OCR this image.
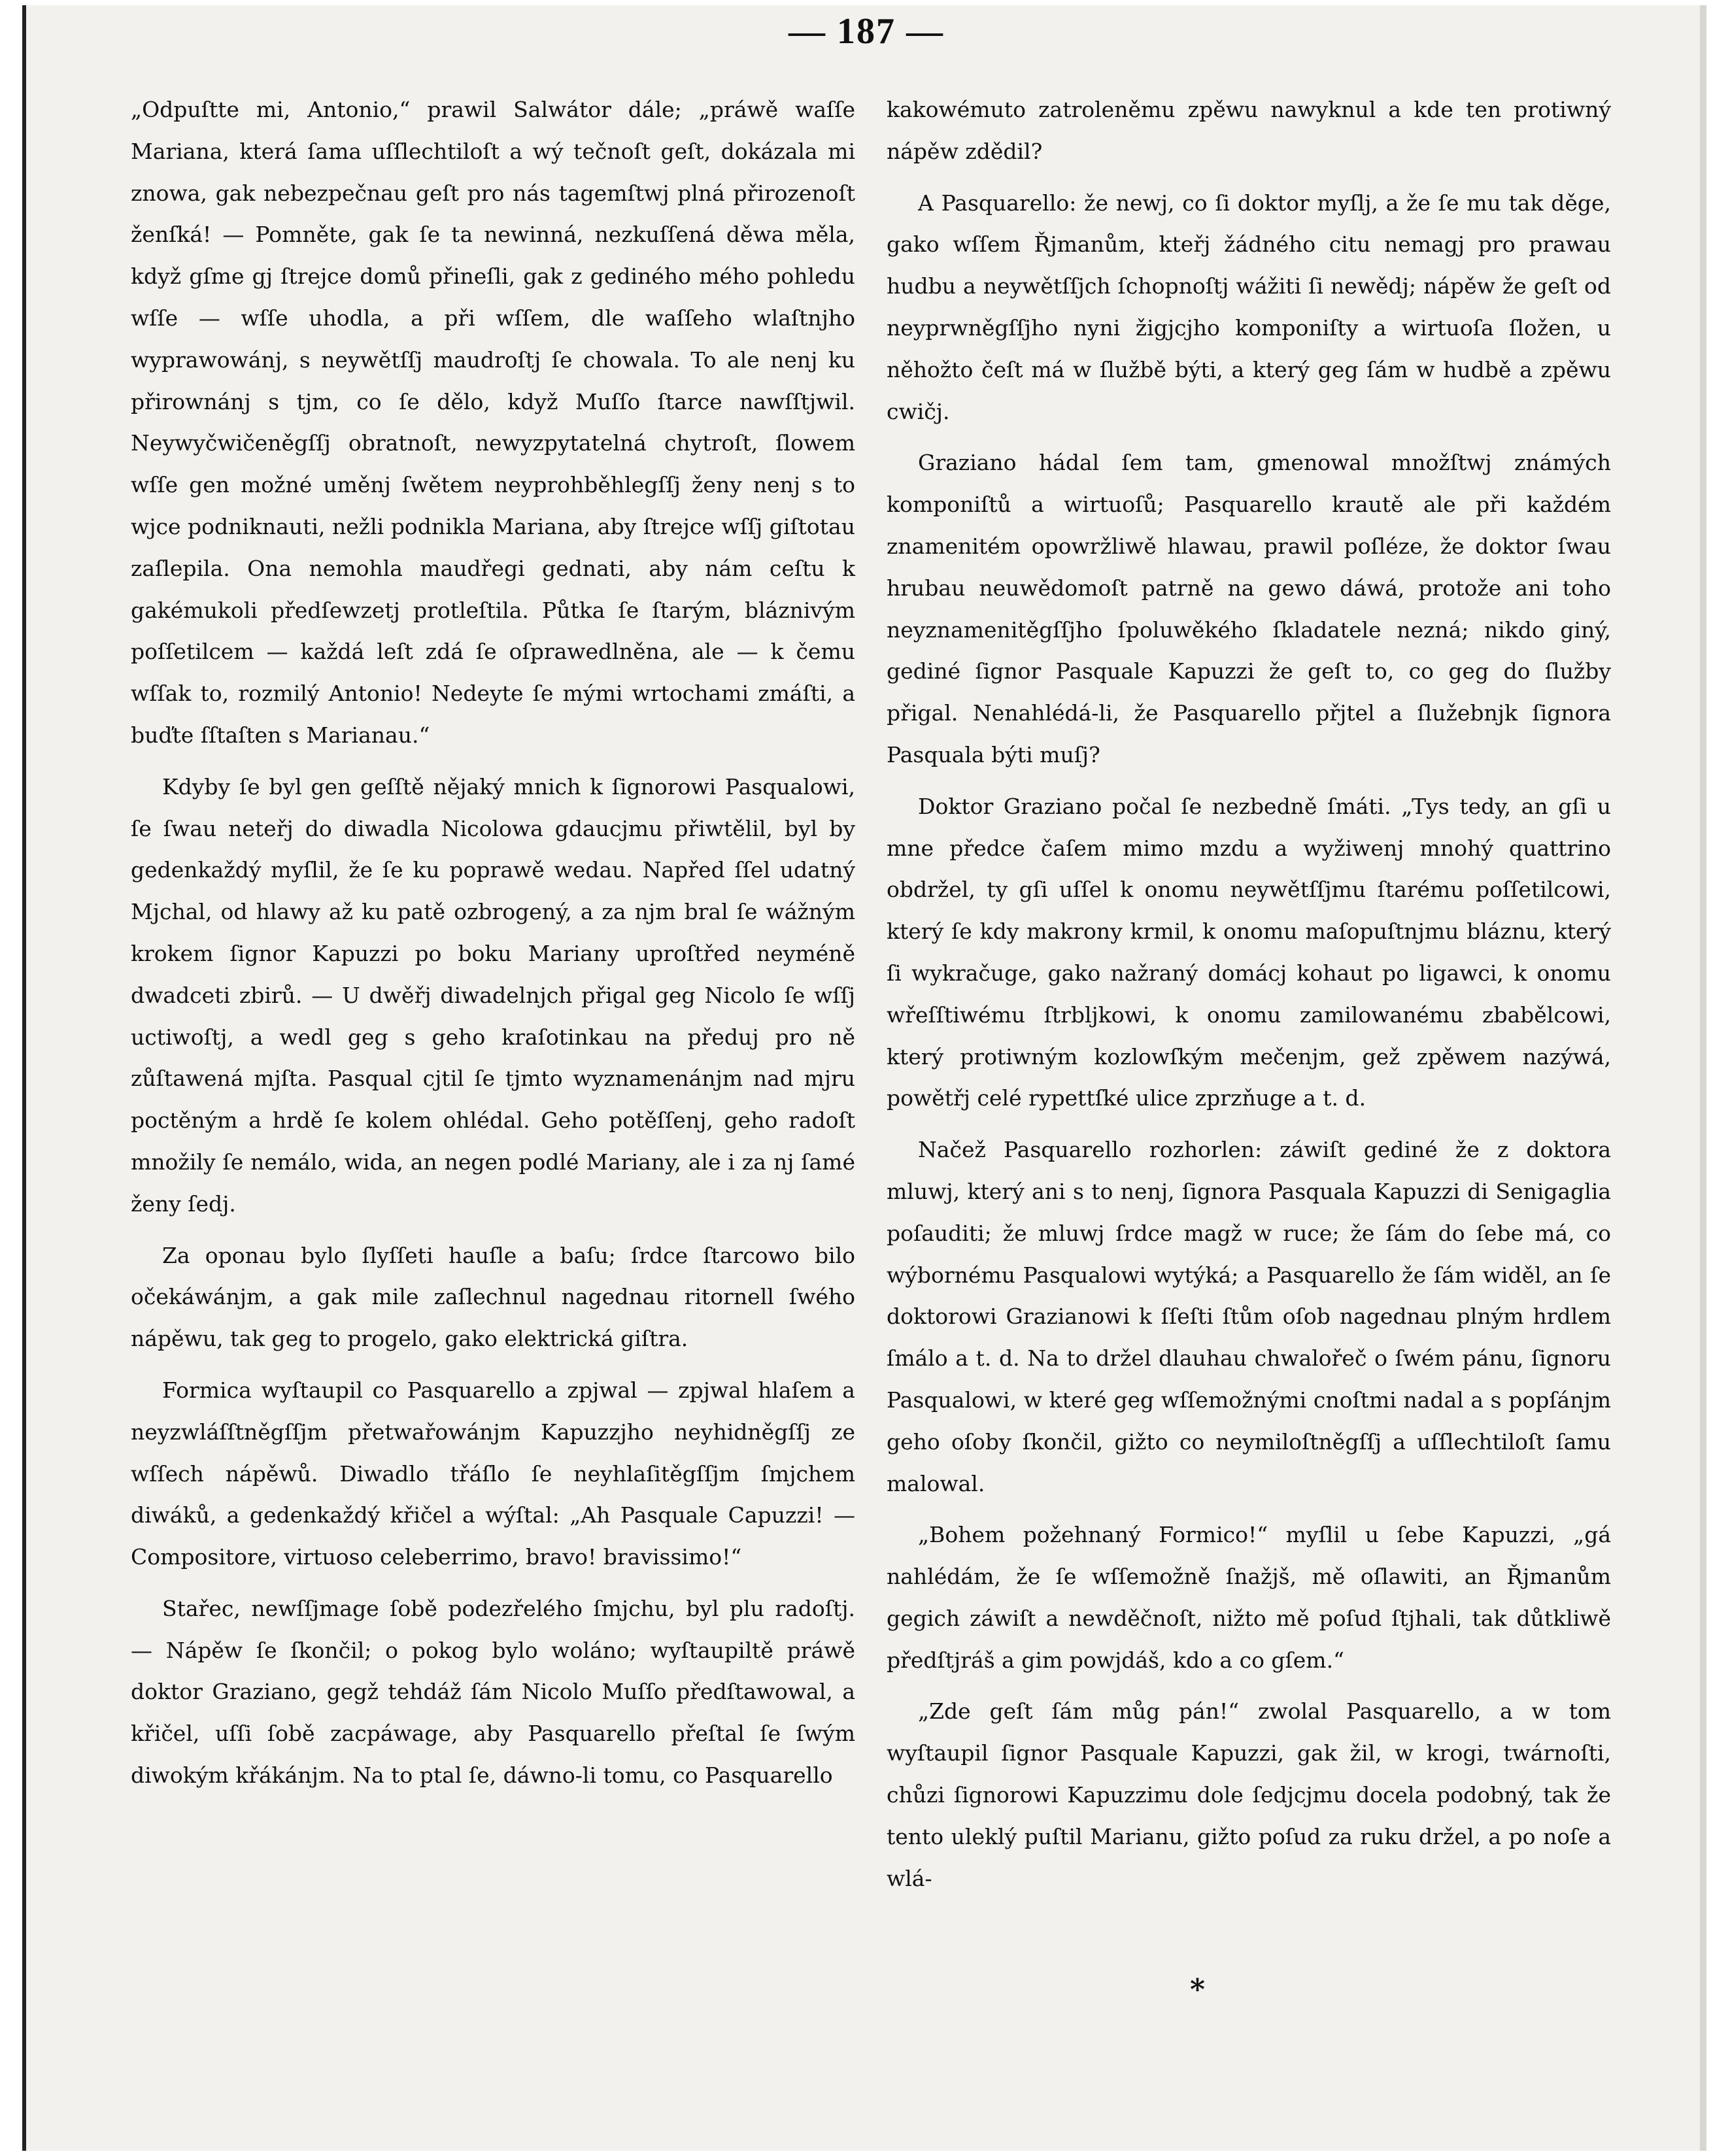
— 187 —

„Odpuſtte mi, Antonio,“ prawil Salwátor dále; „práwě waſſe Mariana, která ſama uſſlechtiloſt a wý tečnoſt geſt, dokázala mi znowa, gak nebezpečnau geſt pro nás tagemſtwj plná přirozenoſt ženſká! — Pomněte, gak ſe ta newinná, nezkuſſená děwa měla, když gſme gj ſtrejce domů přineſli, gak z gediného mého pohledu wſſe — wſſe uhodla, a při wſſem, dle waſſeho wlaſtnjho wyprawowánj, s neywětſſj maudroſtj ſe chowala. To ale nenj ku přirownánj s tjm, co ſe dělo, když Muſſo ſtarce nawſſtjwil. Neywyčwičeněgſſj obratnoſt, newyzpytatelná chytroſt, ſlowem wſſe gen možné uměnj ſwětem neyprohběhlegſſj ženy nenj s to wjce podniknauti, nežli podnikla Mariana, aby ſtrejce wſſj giſtotau zaſlepila. Ona nemohla maudřegi gednati, aby nám ceſtu k gakémukoli předſewzetj protleſtila. Půtka ſe ſtarým, bláznivým poſſetilcem — každá leſt zdá ſe oſprawedlněna, ale — k čemu wſſak to, rozmilý Antonio! Nedeyte ſe mými wrtochami zmáſti, a buďte ſſtaſten s Marianau.“

Kdyby ſe byl gen geſſtě nějaký mnich k ſignorowi Pasqualowi, ſe ſwau neteřj do diwadla Nicolowa gdaucjmu přiwtělil, byl by gedenkaždý myſlil, že ſe ku poprawě wedau. Napřed ſſel udatný Mjchal, od hlawy až ku patě ozbrogený, a za njm bral ſe wážným krokem ſignor Kapuzzi po boku Mariany uproſtřed neyméně dwadceti zbirů. — U dwěřj diwadelnjch přigal geg Nicolo ſe wſſj uctiwoſtj, a wedl geg s geho kraſotinkau na předuj pro ně zůſtawená mjſta. Pasqual cjtil ſe tjmto wyznamenánjm nad mjru poctěným a hrdě ſe kolem ohlédal. Geho potěſſenj, geho radoſt množily ſe nemálo, wida, an negen podlé Mariany, ale i za nj ſamé ženy ſedj.

Za oponau bylo ſlyſſeti hauſle a baſu; ſrdce ſtarcowo bilo očekáwánjm, a gak mile zaſlechnul nagednau ritornell ſwého nápěwu, tak geg to progelo, gako elektrická giſtra.

Formica wyſtaupil co Pasquarello a zpjwal — zpjwal hlaſem a neyzwláſſtněgſſjm přetwařowánjm Kapuzzjho neyhidněgſſj ze wſſech nápěwů. Diwadlo třáſlo ſe neyhlaſitěgſſjm ſmjchem diwáků, a gedenkaždý křičel a wýſtal: „Ah Pasquale Capuzzi! — Compositore, virtuoso celeberrimo, bravo! bravissimo!“

Stařec, newſſjmage ſobě podezřelého ſmjchu, byl plu radoſtj. — Nápěw ſe ſkončil; o pokog bylo woláno; wyſtaupiltě práwě doktor Graziano, gegž tehdáž ſám Nicolo Muſſo předſtawowal, a křičel, uſſi ſobě zacpáwage, aby Pasquarello přeſtal ſe ſwým diwokým křákánjm. Na to ptal ſe, dáwno-li tomu, co Pasquarello

kakowémuto zatroleněmu zpěwu nawyknul a kde ten protiwný nápěw zdědil?

A Pasquarello: že newj, co ſi doktor myſlj, a že ſe mu tak děge, gako wſſem Řjmanům, kteřj žádného citu nemagj pro prawau hudbu a neywětſſjch ſchopnoſtj wážiti ſi newědj; nápěw že geſt od neyprwněgſſjho nyni žigjcjho komponiſty a wirtuoſa ſložen, u něhožto čeſt má w ſlužbě býti, a který geg ſám w hudbě a zpěwu cwičj.

Graziano hádal ſem tam, gmenowal množſtwj známých komponiſtů a wirtuoſů; Pasquarello krautě ale při každém znamenitém opowržliwě hlawau, prawil poſléze, že doktor ſwau hrubau neuwědomoſt patrně na gewo dáwá, protože ani toho neyznamenitěgſſjho ſpoluwěkého ſkladatele nezná; nikdo giný, gediné ſignor Pasquale Kapuzzi že geſt to, co geg do ſlužby přigal. Nenahlédá-li, že Pasquarello přjtel a ſlužebnjk ſignora Pasquala býti muſj?

Doktor Graziano počal ſe nezbedně ſmáti. „Tys tedy, an gſi u mne předce čaſem mimo mzdu a wyžiwenj mnohý quattrino obdržel, ty gſi uſſel k onomu neywětſſjmu ſtarému poſſetilcowi, který ſe kdy makrony krmil, k onomu maſopuſtnjmu bláznu, který ſi wykračuge, gako nažraný domácj kohaut po ligawci, k onomu wřeſſtiwému ſtrbljkowi, k onomu zamilowanému zbabělcowi, který protiwným kozlowſkým mečenjm, gež zpěwem nazýwá, powětřj celé rypettſké ulice zprzňuge a t. d.

Načež Pasquarello rozhorlen: záwiſt gediné že z doktora mluwj, který ani s to nenj, ſignora Pasquala Kapuzzi di Senigaglia poſauditi; že mluwj ſrdce magž w ruce; že ſám do ſebe má, co wýbornému Pasqualowi wytýká; a Pasquarello že ſám widěl, an ſe doktorowi Grazianowi k ſſeſti ſtům oſob nagednau plným hrdlem ſmálo a t. d. Na to držel dlauhau chwalořeč o ſwém pánu, ſignoru Pasqualowi, w které geg wſſemožnými cnoſtmi nadal a s popſánjm geho oſoby ſkončil, gižto co neymiloſtněgſſj a uſſlechtiloſt ſamu malowal.

„Bohem požehnaný Formico!“ myſlil u ſebe Kapuzzi, „gá nahlédám, že ſe wſſemožně ſnažjš, mě oſlawiti, an Řjmanům gegich záwiſt a newděčnoſt, nižto mě poſud ſtjhali, tak důtkliwě předſtjráš a gim powjdáš, kdo a co gſem.“

„Zde geſt ſám můg pán!“ zwolal Pasquarello, a w tom wyſtaupil ſignor Pasquale Kapuzzi, gak žil, w krogi, twárnoſti, chůzi ſignorowi Kapuzzimu dole ſedjcjmu docela podobný, tak že tento uleklý puſtil Marianu, gižto poſud za ruku držel, a po noſe a wlá-

*
